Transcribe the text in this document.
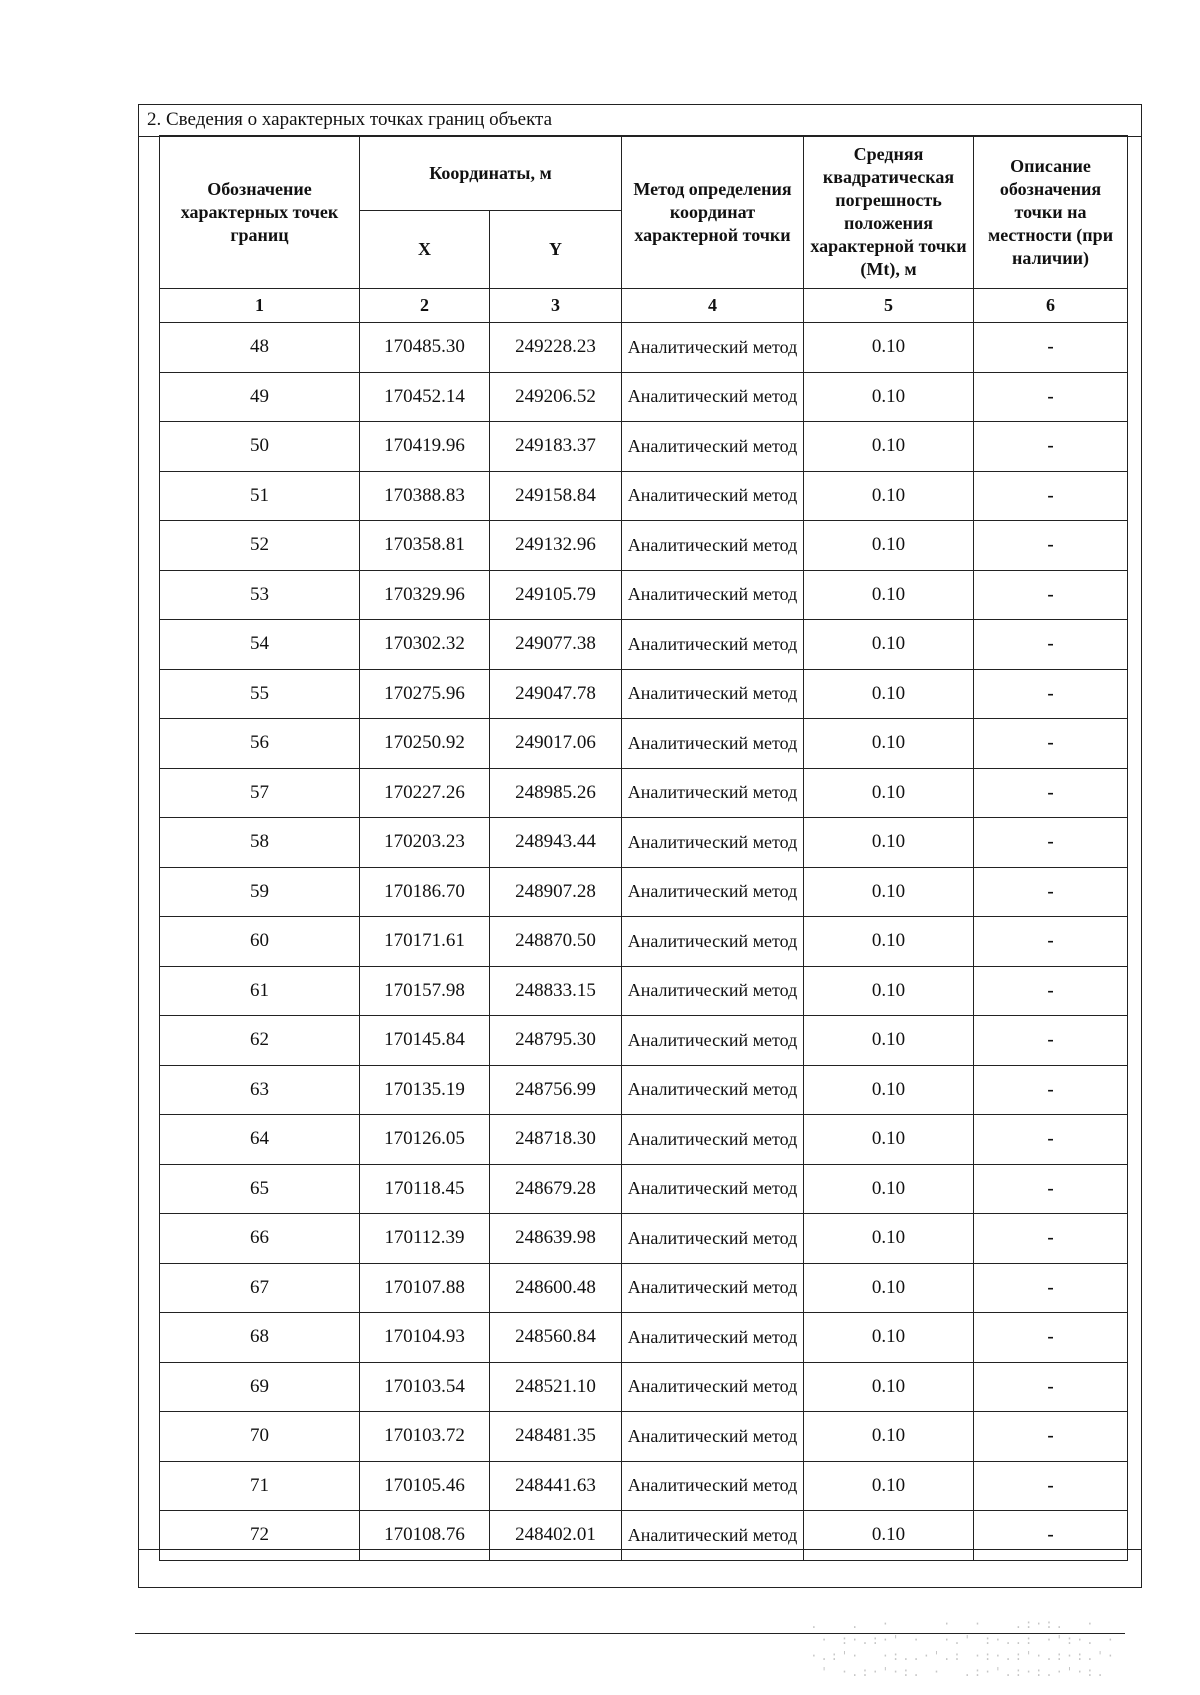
2. Сведения о характерных точках границ объекта
Обозначение характерных точек границ	Координаты, м		Метод определения координат характерной точки	Средняя квадратическая погрешность положения характерной точки (Mt), м	Описание обозначения точки на местности (при наличии)
	X	Y			
1	2	3	4	5	6
48	170485.30	249228.23	Аналитический метод	0.10	-
49	170452.14	249206.52	Аналитический метод	0.10	-
50	170419.96	249183.37	Аналитический метод	0.10	-
51	170388.83	249158.84	Аналитический метод	0.10	-
52	170358.81	249132.96	Аналитический метод	0.10	-
53	170329.96	249105.79	Аналитический метод	0.10	-
54	170302.32	249077.38	Аналитический метод	0.10	-
55	170275.96	249047.78	Аналитический метод	0.10	-
56	170250.92	249017.06	Аналитический метод	0.10	-
57	170227.26	248985.26	Аналитический метод	0.10	-
58	170203.23	248943.44	Аналитический метод	0.10	-
59	170186.70	248907.28	Аналитический метод	0.10	-
60	170171.61	248870.50	Аналитический метод	0.10	-
61	170157.98	248833.15	Аналитический метод	0.10	-
62	170145.84	248795.30	Аналитический метод	0.10	-
63	170135.19	248756.99	Аналитический метод	0.10	-
64	170126.05	248718.30	Аналитический метод	0.10	-
65	170118.45	248679.28	Аналитический метод	0.10	-
66	170112.39	248639.98	Аналитический метод	0.10	-
67	170107.88	248600.48	Аналитический метод	0.10	-
68	170104.93	248560.84	Аналитический метод	0.10	-
69	170103.54	248521.10	Аналитический метод	0.10	-
70	170103.72	248481.35	Аналитический метод	0.10	-
71	170105.46	248441.63	Аналитический метод	0.10	-
72	170108.76	248402.01	Аналитический метод	0.10	-

.   .  ·     ·  ·   .:·:.  ·
· :·.:·' ·  ·.' :·..: ·':·. ·
·.:'·  ·:..·'.: ·:·.:'·.:·:.'·
' ·.:·'·:. ·  .:·'.:·:.·'·:.
